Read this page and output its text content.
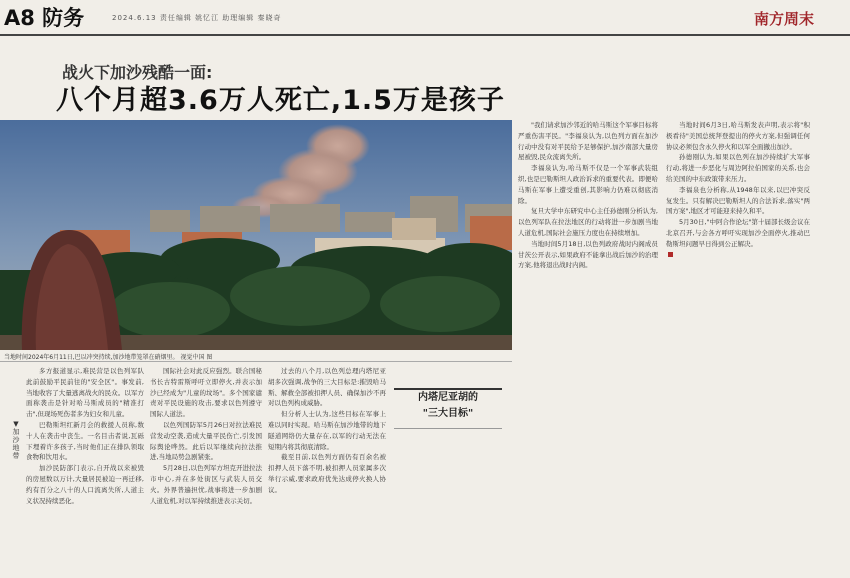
A8 防务	2024.6.13 责任编辑 姚忆江 助理编辑 秦晓奇	南方周末
战火下加沙残酷一面:
八个月超3.6万人死亡,1.5万是孩子
当地时间2024年6月11日,巴以冲突持续,加沙地带笼罩在硝烟里。 视觉中国 图
▼加沙地带

多方报道显示,难民营是以色列军队此前鼓励平民前往的"安全区"。事发前,当地收容了大量逃离战火的民众。以军方面称袭击是针对哈马斯成员的"精准打击",但现场死伤者多为妇女和儿童。

巴勒斯坦红新月会的救援人员称,数十人在袭击中丧生。一名目击者说,瓦砾下埋着许多孩子,当时他们正在排队领取食物和饮用水。

加沙民防部门表示,自开战以来被毁的房屋数以万计,大量居民被迫一再迁移,约有百分之八十的人口流离失所,人道主义状况持续恶化。

国际社会对此反应强烈。联合国秘书长古特雷斯呼吁立即停火,并表示加沙已经成为"儿童的坟场"。多个国家谴责对平民设施的攻击,要求以色列遵守国际人道法。

以色列国防军5月26日对拉法难民营发动空袭,造成大量平民伤亡,引发国际舆论哗然。此后以军继续向拉法推进,当地局势急剧紧张。

5月28日,以色列军方坦克开进拉法市中心,并在多处街区与武装人员交火。外界普遍担忧,战事将进一步加剧人道危机,对以军持续推进表示关切。

内塔尼亚胡的
"三大目标"

过去的八个月,以色列总理内塔尼亚胡多次强调,战争的三大目标是:摧毁哈马斯、解救全部被扣押人员、确保加沙不再对以色列构成威胁。

但分析人士认为,这些目标在军事上难以同时实现。哈马斯在加沙地带的地下隧道网络仍大量存在,以军的行动无法在短期内将其彻底清除。

截至目前,以色列方面仍有百余名被扣押人员下落不明,被扣押人员家属多次举行示威,要求政府优先达成停火换人协议。

"我们请求加沙邻近的哈马斯这个军事目标将严重伤害平民。"李福泉认为,以色列方面在加沙行动中没有对平民给予足够保护,加沙南部大量房屋被毁,民众流离失所。

李福泉认为,哈马斯不仅是一个军事武装组织,也是巴勒斯坦人政治诉求的重要代表。即便哈马斯在军事上遭受重创,其影响力仍难以彻底消除。

复旦大学中东研究中心主任孙德刚分析认为,以色列军队在拉法地区的行动将进一步加剧当地人道危机,国际社会施压力度也在持续增加。

当地时间5月18日,以色列政府战时内阁成员甘茨公开表示,如果政府不能拿出战后加沙的治理方案,他将退出战时内阁。

当地时间6月3日,哈马斯发表声明,表示将"积极看待"美国总统拜登提出的停火方案,但强调任何协议必须包含永久停火和以军全面撤出加沙。

孙德刚认为,如果以色列在加沙持续扩大军事行动,将进一步恶化与周边阿拉伯国家的关系,也会给美国的中东政策带来压力。

李福泉也分析称,从1948年以来,以巴冲突反复发生。只有解决巴勒斯坦人的合法诉求,落实"两国方案",地区才可能迎来持久和平。

5月30日,"中阿合作论坛"第十届部长级会议在北京召开,与会各方呼吁实现加沙全面停火,推动巴勒斯坦问题早日得到公正解决。
